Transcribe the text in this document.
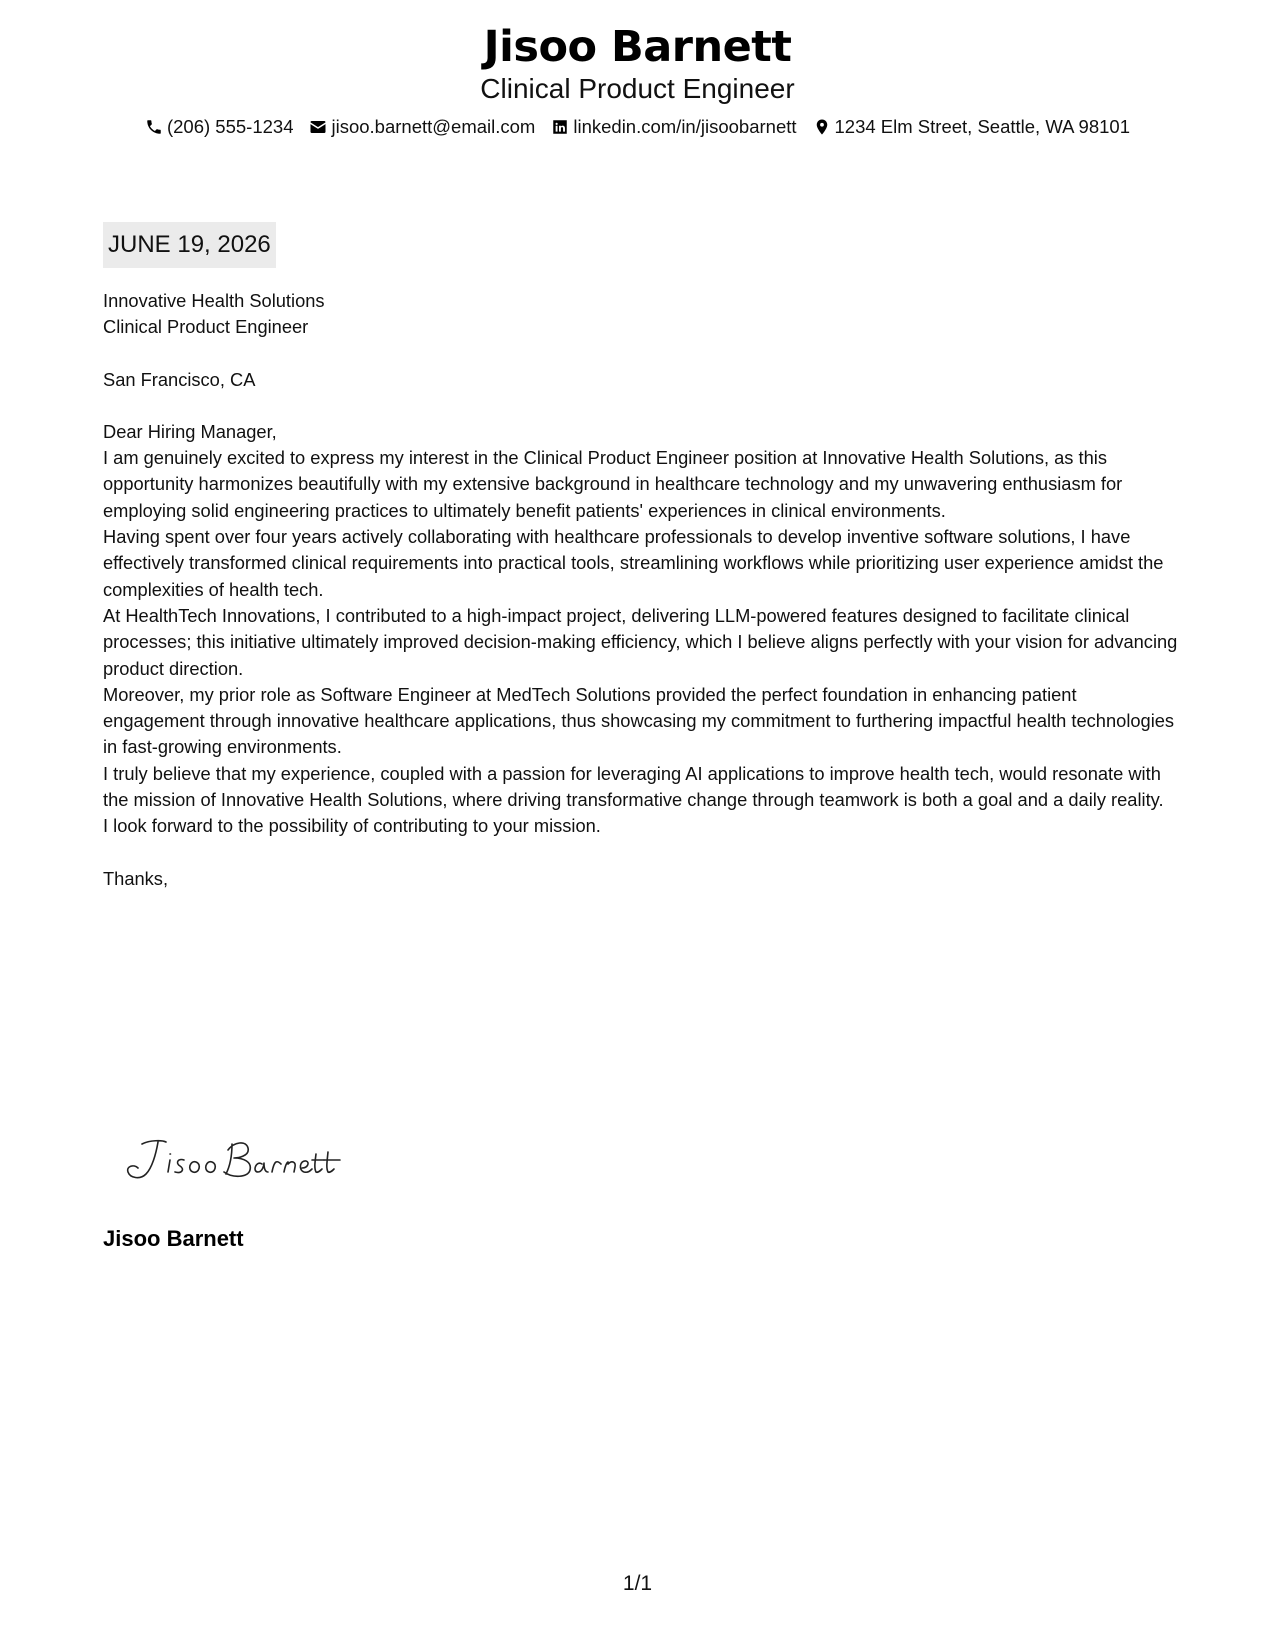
Jisoo Barnett
Clinical Product Engineer
(206) 555-1234 jisoo.barnett@email.com linkedin.com/in/jisoobarnett 1234 Elm Street, Seattle, WA 98101
JUNE 19, 2026

Innovative Health Solutions

Clinical Product Engineer

San Francisco, CA

Dear Hiring Manager,

I am genuinely excited to express my interest in the Clinical Product Engineer position at Innovative Health Solutions, as this opportunity harmonizes beautifully with my extensive background in healthcare technology and my unwavering enthusiasm for employing solid engineering practices to ultimately benefit patients' experiences in clinical environments.

Having spent over four years actively collaborating with healthcare professionals to develop inventive software solutions, I have effectively transformed clinical requirements into practical tools, streamlining workflows while prioritizing user experience amidst the complexities of health tech.

At HealthTech Innovations, I contributed to a high-impact project, delivering LLM-powered features designed to facilitate clinical processes; this initiative ultimately improved decision-making efficiency, which I believe aligns perfectly with your vision for advancing product direction.

Moreover, my prior role as Software Engineer at MedTech Solutions provided the perfect foundation in enhancing patient engagement through innovative healthcare applications, thus showcasing my commitment to furthering impactful health technologies in fast-growing environments.

I truly believe that my experience, coupled with a passion for leveraging AI applications to improve health tech, would resonate with the mission of Innovative Health Solutions, where driving transformative change through teamwork is both a goal and a daily reality.

I look forward to the possibility of contributing to your mission.

Thanks,

Jisoo Barnett
1/1
